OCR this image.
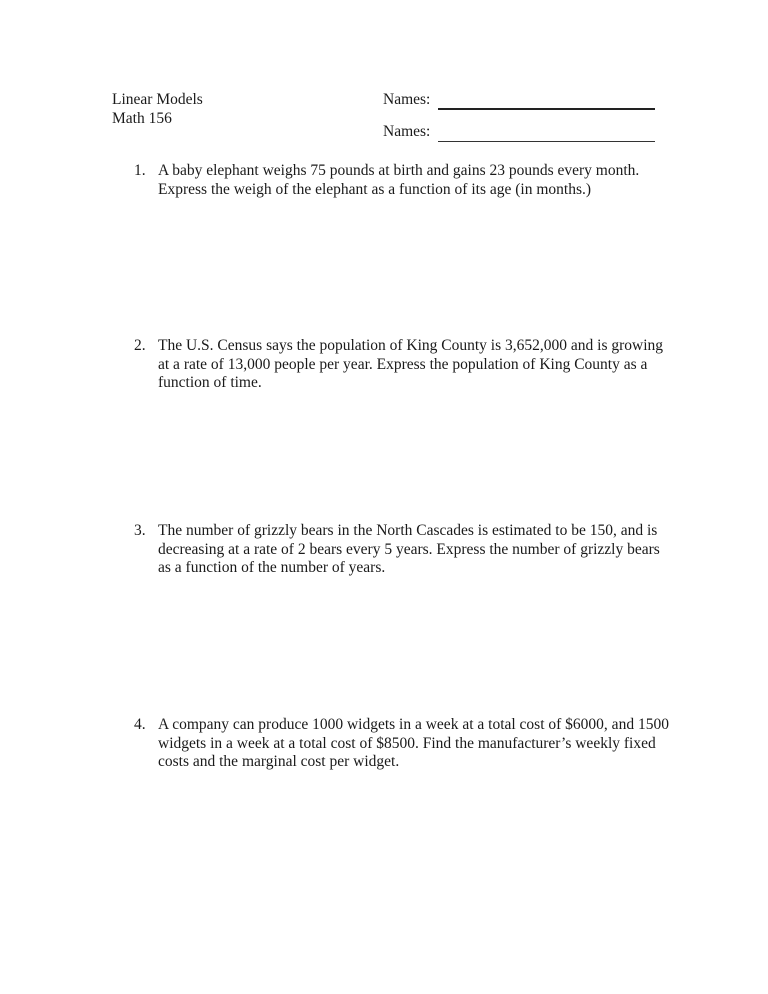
Linear Models
Math 156
Names:
Names:
1. A baby elephant weighs 75 pounds at birth and gains 23 pounds every month. Express the weigh of the elephant as a function of its age (in months.)
2. The U.S. Census says the population of King County is 3,652,000 and is growing at a rate of 13,000 people per year. Express the population of King County as a function of time.
3. The number of grizzly bears in the North Cascades is estimated to be 150, and is decreasing at a rate of 2 bears every 5 years. Express the number of grizzly bears as a function of the number of years.
4. A company can produce 1000 widgets in a week at a total cost of $6000, and 1500 widgets in a week at a total cost of $8500. Find the manufacturer’s weekly fixed costs and the marginal cost per widget.
